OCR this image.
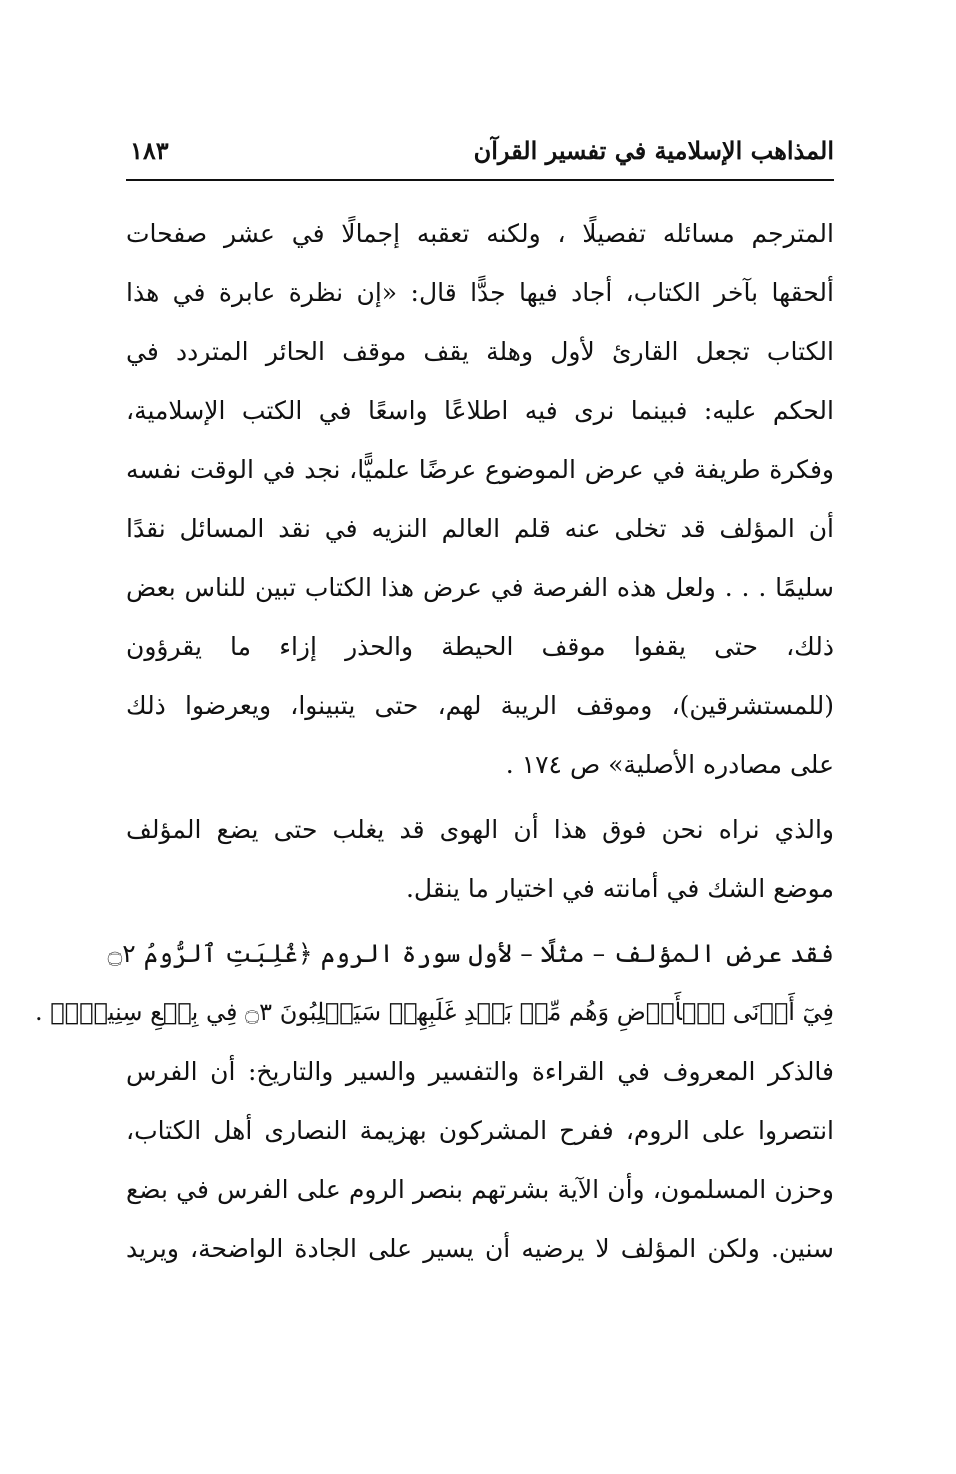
المذاهب الإسلامية في تفسير القرآن
١٨٣
المترجم مسائله تفصيلًا ، ولكنه تعقبه إجمالًا في عشر صفحات
ألحقها بآخر الكتاب، أجاد فيها جدًّا قال: «إن نظرة عابرة في هذا
الكتاب تجعل القارئ لأول وهلة يقف موقف الحائر المتردد في
الحكم عليه: فبينما نرى فيه اطلاعًا واسعًا في الكتب الإسلامية،
وفكرة طريفة في عرض الموضوع عرضًا علميًّا، نجد في الوقت نفسه
أن المؤلف قد تخلى عنه قلم العالم النزيه في نقد المسائل نقدًا
سليمًا . . . ولعل هذه الفرصة في عرض هذا الكتاب تبين للناس بعض
ذلك، حتى يقفوا موقف الحيطة والحذر إزاء ما يقرؤون
(للمستشرقين)، وموقف الريبة لهم، حتى يتبينوا، ويعرضوا ذلك
على مصادره الأصلية» ص ١٧٤ .
والذي نراه نحن فوق هذا أن الهوى قد يغلب حتى يضع المؤلف
موضع الشك في أمانته في اختيار ما ينقل.
فقد عرض المؤلف – مثلًا – لأول سورة الروم ﴿غُلِبَتِ ٱلرُّومُ ۝٢
فِيٓ أَدۡنَى ٱلۡأَرۡضِ وَهُم مِّنۢ بَعۡدِ غَلَبِهِمۡ سَيَغۡلِبُونَ ۝٣ فِي بِضۡعِ سِنِينَۗ﴾ .
فالذكر المعروف في القراءة والتفسير والسير والتاريخ: أن الفرس
انتصروا على الروم، ففرح المشركون بهزيمة النصارى أهل الكتاب،
وحزن المسلمون، وأن الآية بشرتهم بنصر الروم على الفرس في بضع
سنين. ولكن المؤلف لا يرضيه أن يسير على الجادة الواضحة، ويريد
